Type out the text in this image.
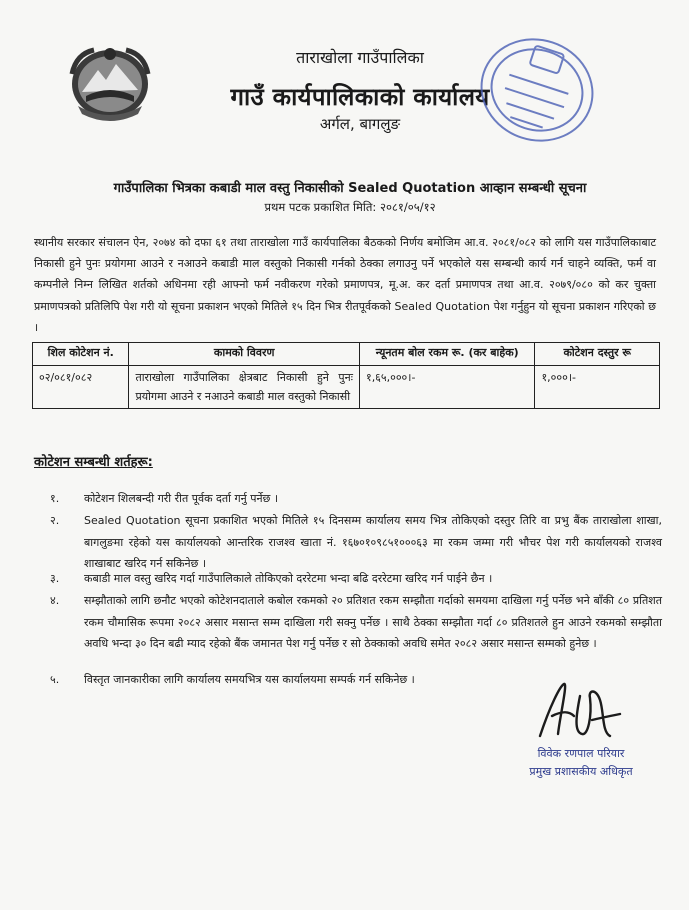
ताराखोला गाउँपालिका
गाउँ कार्यपालिकाको कार्यालय
अर्गल, बागलुङ
गाउँपालिका भित्रका कबाडी माल वस्तु निकासीको Sealed Quotation आव्हान सम्बन्धी सूचना
प्रथम पटक प्रकाशित मिति: २०८१/०५/१२
स्थानीय सरकार संचालन ऐन, २०७४ को दफा ६१ तथा ताराखोला गाउँ कार्यपालिका बैठकको निर्णय बमोजिम आ.व. २०८१/०८२ को लागि यस गाउँपालिकाबाट निकासी हुने पुनः प्रयोगमा आउने र नआउने कबाडी माल वस्तुको निकासी गर्नको ठेक्का लगाउनु पर्ने भएकोले यस सम्बन्धी कार्य गर्न चाहने व्यक्ति, फर्म वा कम्पनीले निम्न लिखित शर्तको अधिनमा रही आफ्नो फर्म नवीकरण गरेको प्रमाणपत्र, मू.अ. कर दर्ता प्रमाणपत्र तथा आ.व. २०७९/०८० को कर चुक्ता प्रमाणपत्रको प्रतिलिपि पेश गरी यो सूचना प्रकाशन भएको मितिले १५ दिन भित्र रीतपूर्वकको Sealed Quotation पेश गर्नुहुन यो सूचना प्रकाशन गरिएको छ ।
शिल कोटेशन नं.	कामको विवरण	न्यूनतम बोल रकम रू. (कर बाहेक)	कोटेशन दस्तुर रू
०२/०८१/०८२	ताराखोला गाउँपालिका क्षेत्रबाट निकासी हुने पुनः प्रयोगमा आउने र नआउने कबाडी माल वस्तुको निकासी	१,६५,०००।-	१,०००।-
कोटेशन सम्बन्धी शर्तहरू:
१.	कोटेशन शिलबन्दी गरी रीत पूर्वक दर्ता गर्नु पर्नेछ ।
२.	Sealed Quotation सूचना प्रकाशित भएको मितिले १५ दिनसम्म कार्यालय समय भित्र तोकिएको दस्तुर तिरि वा प्रभु बैंक ताराखोला शाखा, बागलुङमा रहेको यस कार्यालयको आन्तरिक राजश्व खाता नं. १६७०१०९८५१०००६३ मा रकम जम्मा गरी भौचर पेश गरी कार्यालयको राजश्व शाखाबाट खरिद गर्न सकिनेछ ।
३.	कबाडी माल वस्तु खरिद गर्दा गाउँपालिकाले तोकिएको दररेटमा भन्दा बढि दररेटमा खरिद गर्न पाईने छैन ।
४.	सम्झौताको लागि छनौट भएको कोटेशनदाताले कबोल रकमको २० प्रतिशत रकम सम्झौता गर्दाको समयमा दाखिला गर्नु पर्नेछ भने बाँकी ८० प्रतिशत रकम चौमासिक रूपमा २०८२ असार मसान्त सम्म दाखिला गरी सक्नु पर्नेछ । साथै ठेक्का सम्झौता गर्दा ८० प्रतिशतले हुन आउने रकमको सम्झौता अवधि भन्दा ३० दिन बढी म्याद रहेको बैंक जमानत पेश गर्नु पर्नेछ र सो ठेक्काको अवधि समेत २०८२ असार मसान्त सम्मको हुनेछ ।
५.	विस्तृत जानकारीका लागि कार्यालय समयभित्र यस कार्यालयमा सम्पर्क गर्न सकिनेछ ।
विवेक रणपाल परियार
प्रमुख प्रशासकीय अधिकृत
